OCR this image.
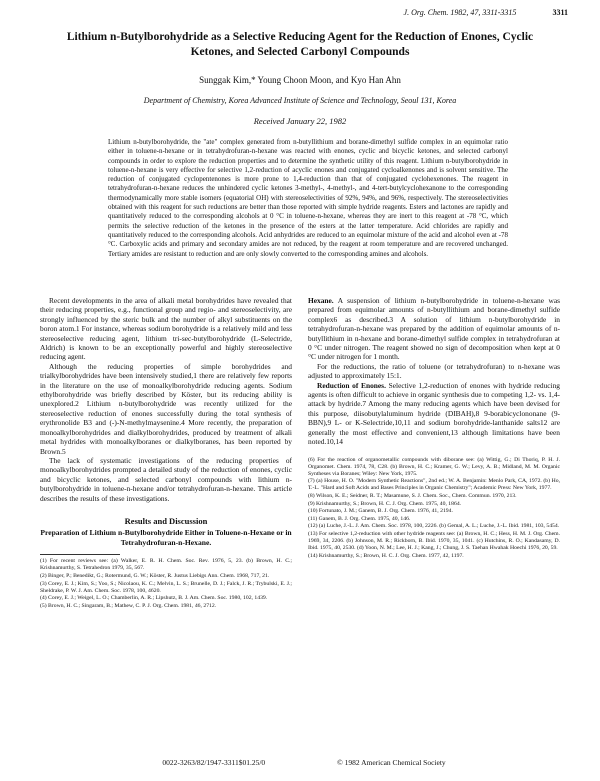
J. Org. Chem. 1982, 47, 3311-3315	3311
Lithium n-Butylborohydride as a Selective Reducing Agent for the Reduction of Enones, Cyclic Ketones, and Selected Carbonyl Compounds
Sunggak Kim,* Young Choon Moon, and Kyo Han Ahn
Department of Chemistry, Korea Advanced Institute of Science and Technology, Seoul 131, Korea
Received January 22, 1982
Lithium n-butylborohydride, the "ate" complex generated from n-butyllithium and borane-dimethyl sulfide complex in an equimolar ratio either in toluene-n-hexane or in tetrahydrofuran-n-hexane was reacted with enones, cyclic and bicyclic ketones, and selected carbonyl compounds in order to explore the reduction properties and to determine the synthetic utility of this reagent. Lithium n-butylborohydride in toluene-n-hexane is very effective for selective 1,2-reduction of acyclic enones and conjugated cycloalkenones and is solvent sensitive. The reduction of conjugated cyclopentenones is more prone to 1,4-reduction than that of conjugated cyclohexenones. The reagent in tetrahydrofuran-n-hexane reduces the unhindered cyclic ketones 3-methyl-, 4-methyl-, and 4-tert-butylcyclohexanone to the corresponding thermodynamically more stable isomers (equatorial OH) with stereoselectivities of 92%, 94%, and 96%, respectively. The stereoselectivities obtained with this reagent for such reductions are better than those reported with simple hydride reagents. Esters and lactones are rapidly and quantitatively reduced to the corresponding alcohols at 0 °C in toluene-n-hexane, whereas they are inert to this reagent at -78 °C, which permits the selective reduction of the ketones in the presence of the esters at the latter temperature. Acid chlorides are rapidly and quantitatively reduced to the corresponding alcohols. Acid anhydrides are reduced to an equimolar mixture of the acid and alcohol even at -78 °C. Carboxylic acids and primary and secondary amides are not reduced, by the reagent at room temperature and are recovered unchanged. Tertiary amides are resistant to reduction and are only slowly converted to the corresponding amines and alcohols.

Recent developments in the area of alkali metal borohydrides have revealed that their reducing properties, e.g., functional group and regio- and stereoselectivity, are strongly influenced by the steric bulk and the number of alkyl substituents on the boron atom.1 For instance, whereas sodium borohydride is a relatively mild and less stereoselective reducing agent, lithium tri-sec-butylborohydride (L-Selectride, Aldrich) is known to be an exceptionally powerful and highly stereoselective reducing agent.

Although the reducing properties of simple borohydrides and trialkylborohydrides have been intensively studied,1 there are relatively few reports in the literature on the use of monoalkylborohydride reducing agents. Sodium ethylborohydride was briefly described by Köster, but its reducing ability is unexplored.2 Lithium n-butylborohydride was recently utilized for the stereoselective reduction of enones successfully during the total synthesis of erythronolide B3 and (-)-N-methylmaysenine.4 More recently, the preparation of monoalkylborohydrides and dialkylborohydrides, produced by treatment of alkali metal hydrides with monoalkylboranes or dialkylboranes, has been reported by Brown.5

The lack of systematic investigations of the reducing properties of monoalkylborohydrides prompted a detailed study of the reduction of enones, cyclic and bicyclic ketones, and selected carbonyl compounds with lithium n-butylborohydride in toluene-n-hexane and/or tetrahydrofuran-n-hexane. This article describes the results of these investigations.

Results and Discussion
Preparation of Lithium n-Butylborohydride Either in Toluene-n-Hexane or in Tetrahydrofuran-n-Hexane.
(1) For recent reviews see: (a) Walker, E. R. H. Chem. Soc. Rev. 1976, 5, 23. (b) Brown, H. C.; Krishnamurthy, S. Tetrahedron 1979, 35, 567.
(2) Binger, P.; Benedikt, G.; Rotermund, G. W.; Köster, R. Justus Liebigs Ann. Chem. 1968, 717, 21.
(3) Corey, E. J.; Kim, S.; Yoo, S.; Nicolaou, K. C.; Melvin, L. S.; Brunelle, D. J.; Falck, J. R.; Trybulski, E. J.; Sheldrake, P. W. J. Am. Chem. Soc. 1978, 100, 4620.
(4) Corey, E. J.; Weigel, L. O.; Chamberlin, A. R.; Lipshutz, B. J. Am. Chem. Soc. 1980, 102, 1439.
(5) Brown, H. C.; Singaram, B.; Mathew, C. P. J. Org. Chem. 1981, 46, 2712.

Hexane. A suspension of lithium n-butylborohydride in toluene-n-hexane was prepared from equimolar amounts of n-butyllithium and borane-dimethyl sulfide complex6 as described.3 A solution of lithium n-butylborohydride in tetrahydrofuran-n-hexane was prepared by the addition of equimolar amounts of n-butyllithium in n-hexane and borane-dimethyl sulfide complex in tetrahydrofuran at 0 °C under nitrogen. The reagent showed no sign of decomposition when kept at 0 °C under nitrogen for 1 month.

For the reductions, the ratio of toluene (or tetrahydrofuran) to n-hexane was adjusted to approximately 15:1.

Reduction of Enones. Selective 1,2-reduction of enones with hydride reducing agents is often difficult to achieve in organic synthesis due to competing 1,2- vs. 1,4-attack by hydride.7 Among the many reducing agents which have been devised for this purpose, diisobutylaluminum hydride (DIBAH),8 9-borabicyclononane (9-BBN),9 L- or K-Selectride,10,11 and sodium borohydride-lanthanide salts12 are generally the most effective and convenient,13 although limitations have been noted.10,14

(6) For the reaction of organometallic compounds with diborane see: (a) Wittig, G.; Di Thoriq, P. H. J. Organomet. Chem. 1974, 78, C28. (b) Brown, H. C.; Kramer, G. W.; Levy, A. B.; Midland, M. M. Organic Syntheses via Boranes; Wiley: New York, 1975.
(7) (a) House, H. O. "Modern Synthetic Reactions", 2nd ed.; W. A. Benjamin: Menlo Park, CA, 1972. (b) Ho, T.-L. "Hard and Soft Acids and Bases Principles in Organic Chemistry"; Academic Press: New York, 1977.
(8) Wilson, K. E.; Seidner, R. T.; Masamune, S. J. Chem. Soc., Chem. Commun. 1970, 213.
(9) Krishnamurthy, S.; Brown, H. C. J. Org. Chem. 1975, 40, 1864.
(10) Fortunato, J. M.; Ganem, B. J. Org. Chem. 1976, 41, 2194.
(11) Ganem, B. J. Org. Chem. 1975, 40, 146.
(12) (a) Luche, J.-L. J. Am. Chem. Soc. 1978, 100, 2226. (b) Gemal, A. L.; Luche, J.-L. Ibid. 1981, 103, 5454.
(13) For selective 1,2-reduction with other hydride reagents see: (a) Brown, H. C.; Hess, H. M. J. Org. Chem. 1969, 34, 2206. (b) Johnson, M. R.; Rickborn, B. Ibid. 1970, 35, 1041. (c) Hutchins, R. O.; Kandasamy, D. Ibid. 1975, 40, 2530. (d) Yoon, N. M.; Lee, H. J.; Kang, J.; Chung, J. S. Taehan Hwahak Hoechi 1976, 20, 59.
(14) Krishnamurthy, S.; Brown, H. C. J. Org. Chem. 1977, 42, 1197.
0022-3263/82/1947-3311$01.25/0	© 1982 American Chemical Society
